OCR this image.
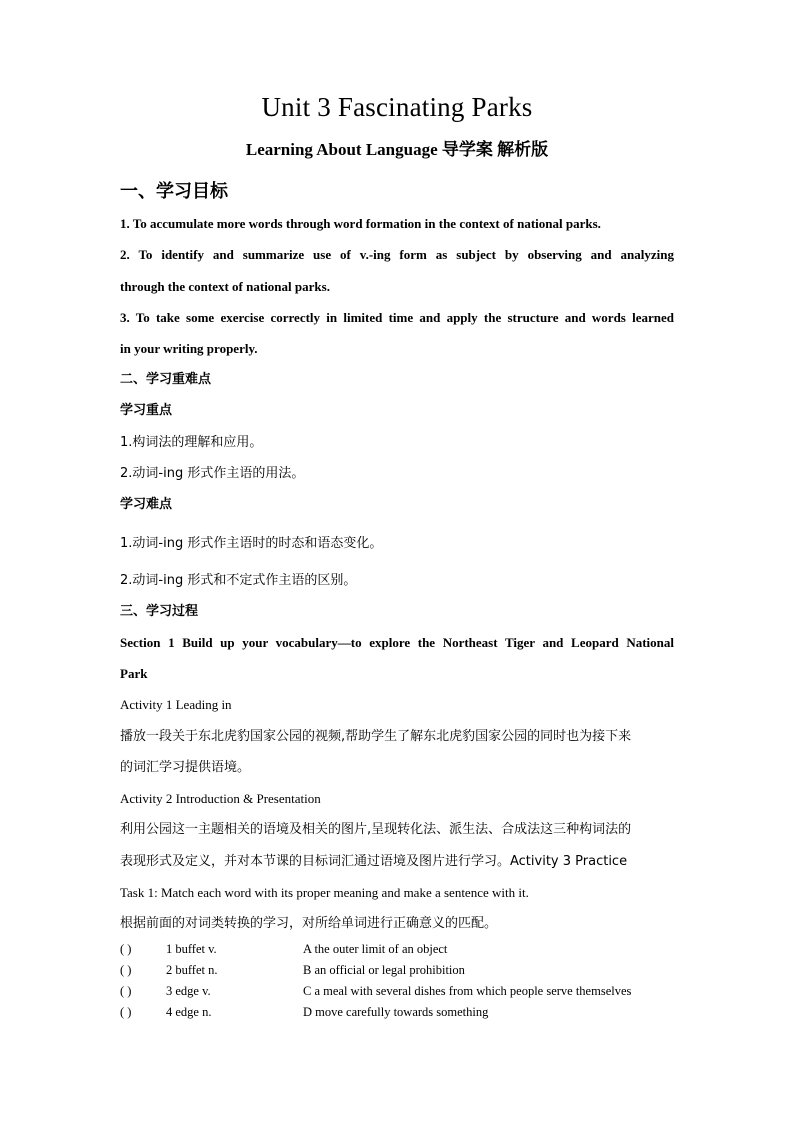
Unit 3 Fascinating Parks
Learning About Language 导学案 解析版
一、学习目标
1. To accumulate more words through word formation in the context of national parks.
2. To identify and summarize use of v.-ing form as subject by observing and analyzing
through the context of national parks.
3. To take some exercise correctly in limited time and apply the structure and words learned
in your writing properly.
二、学习重难点
学习重点
1.构词法的理解和应用。
2.动词-ing 形式作主语的用法。
学习难点
1.动词-ing 形式作主语时的时态和语态变化。
2.动词-ing 形式和不定式作主语的区别。
三、学习过程
Section 1 Build up your vocabulary—to explore the Northeast Tiger and Leopard National
Park
Activity 1 Leading in
播放一段关于东北虎豹国家公园的视频,帮助学生了解东北虎豹国家公园的同时也为接下来
的词汇学习提供语境。
Activity 2 Introduction & Presentation
利用公园这一主题相关的语境及相关的图片,呈现转化法、派生法、合成法这三种构词法的
表现形式及定义，并对本节课的目标词汇通过语境及图片进行学习。Activity 3 Practice
Task 1: Match each word with its proper meaning and make a sentence with it.
根据前面的对词类转换的学习，对所给单词进行正确意义的匹配。
( )	1 buffet v.	A the outer limit of an object
( )	2 buffet n.	B an official or legal prohibition
( )	3 edge v.	C a meal with several dishes from which people serve themselves
( )	4 edge n.	D move carefully towards something
